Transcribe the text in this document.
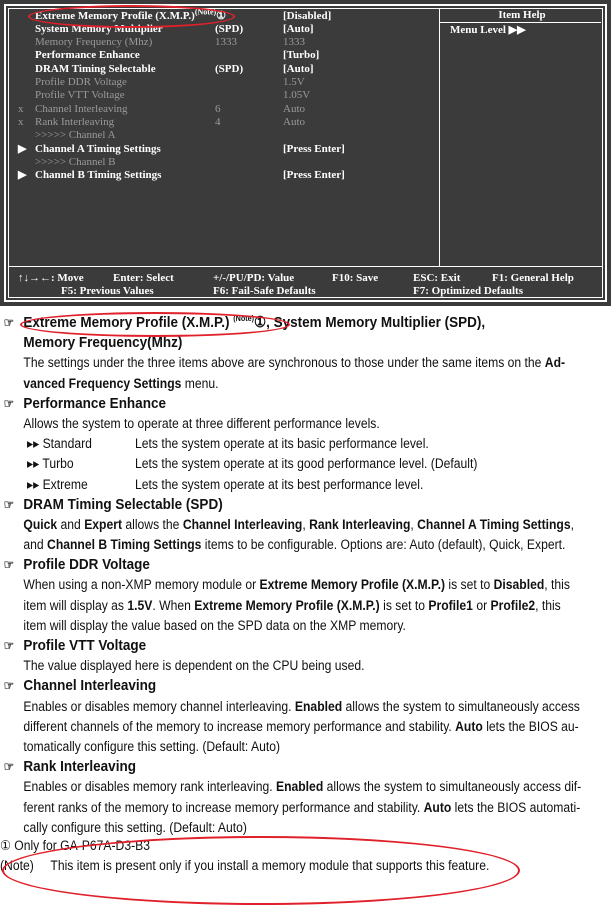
Extreme Memory Profile $(X.M.P.)^{(Note)}①$	[Disabled]
System Memory Multiplier	(SPD)	[Auto]
Memory Frequency (Mhz)	1333	1333
Performance Enhance	[Turbo]
DRAM Timing Selectable	(SPD)	[Auto]
Profile DDR Voltage	1.5V
Profile VTT Voltage	1.05V
x Channel Interleaving	6	Auto
x Rank Interleaving	4	Auto
>>>>> Channel A
▶ Channel A Timing Settings	[Press Enter]
>>>>> Channel B
▶ Channel B Timing Settings	[Press Enter]
Item Help
Menu Level ▶▶
↑↓→←: Move	Enter: Select	+/-/PU/PD: Value	F10: Save	ESC: Exit	F1: General Help
F5: Previous Values	F6: Fail-Safe Defaults	F7: Optimized Defaults
☞ Extreme Memory Profile (X.M.P.) $^{(Note)}$①, System Memory Multiplier (SPD),
Memory Frequency(Mhz)
The settings under the three items above are synchronous to those under the same items on the Ad-
vanced Frequency Settings menu.
☞ Performance Enhance
Allows the system to operate at three different performance levels.
▸▸ Standard	Lets the system operate at its basic performance level.
▸▸ Turbo	Lets the system operate at its good performance level. (Default)
▸▸ Extreme	Lets the system operate at its best performance level.
☞ DRAM Timing Selectable (SPD)
Quick and Expert allows the Channel Interleaving, Rank Interleaving, Channel A Timing Settings,
and Channel B Timing Settings items to be configurable. Options are: Auto (default), Quick, Expert.
☞ Profile DDR Voltage
When using a non-XMP memory module or Extreme Memory Profile (X.M.P.) is set to Disabled, this
item will display as 1.5V. When Extreme Memory Profile (X.M.P.) is set to Profile1 or Profile2, this
item will display the value based on the SPD data on the XMP memory.
☞ Profile VTT Voltage
The value displayed here is dependent on the CPU being used.
☞ Channel Interleaving
Enables or disables memory channel interleaving. Enabled allows the system to simultaneously access
different channels of the memory to increase memory performance and stability. Auto lets the BIOS au-
tomatically configure this setting. (Default: Auto)
☞ Rank Interleaving
Enables or disables memory rank interleaving. Enabled allows the system to simultaneously access dif-
ferent ranks of the memory to increase memory performance and stability. Auto lets the BIOS automati-
cally configure this setting. (Default: Auto)
① Only for GA-P67A-D3-B3
(Note)     This item is present only if you install a memory module that supports this feature.
